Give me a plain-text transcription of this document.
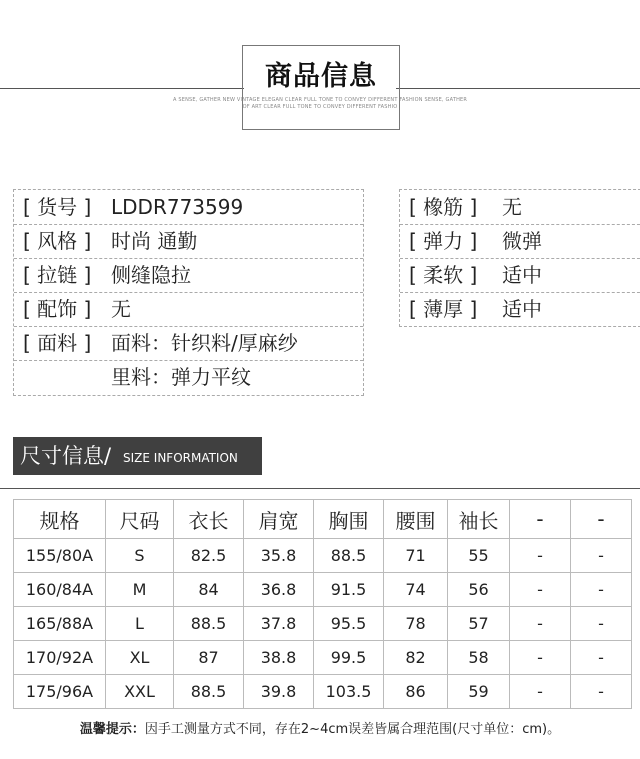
商品信息
A SENSE, GATHER NEW VINTAGE ELEGAN CLEAR FULL TONE TO CONVEY DIFFERENT FASHION SENSE, GATHER
OF ART CLEAR FULL TONE TO CONVEY DIFFERENT FASHIO
[ 货号 ] LDDR773599
[ 风格 ] 时尚 通勤
[ 拉链 ] 侧缝隐拉
[ 配饰 ] 无
[ 面料 ] 面料：针织料/厚麻纱
里料：弹力平纹
[ 橡筋 ] 无
[ 弹力 ] 微弹
[ 柔软 ] 适中
[ 薄厚 ] 适中
尺寸信息/ SIZE INFORMATION
规格	尺码	衣长	肩宽	胸围	腰围	袖长	-	-
155/80A	S	82.5	35.8	88.5	71	55	-	-
160/84A	M	84	36.8	91.5	74	56	-	-
165/88A	L	88.5	37.8	95.5	78	57	-	-
170/92A	XL	87	38.8	99.5	82	58	-	-
175/96A	XXL	88.5	39.8	103.5	86	59	-	-
温馨提示：因手工测量方式不同，存在2~4cm误差皆属合理范围(尺寸单位：cm)。
